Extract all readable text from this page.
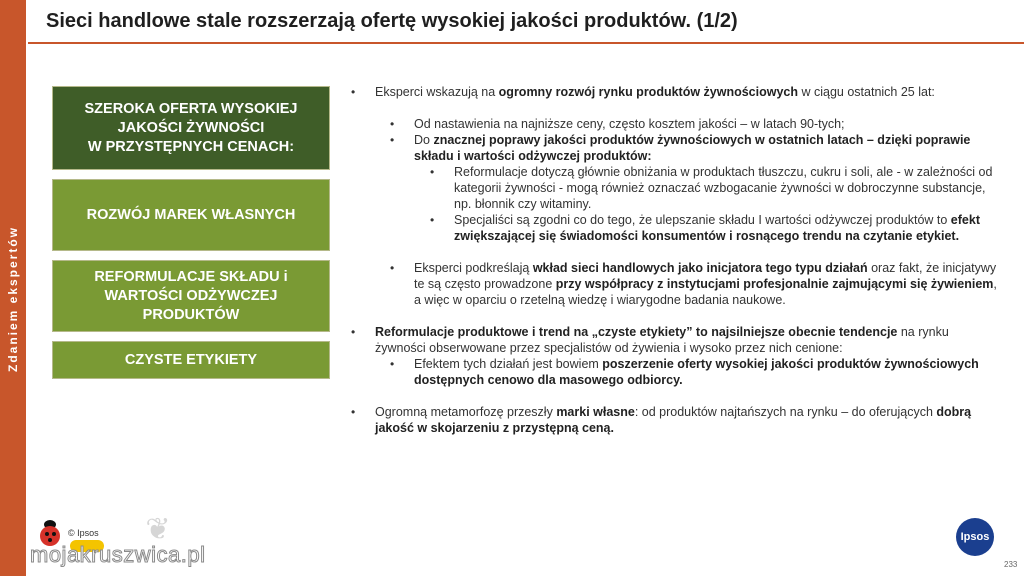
Zdaniem ekspertów
Sieci handlowe stale rozszerzają ofertę wysokiej jakości produktów. (1/2)
SZEROKA OFERTA WYSOKIEJ
JAKOŚCI ŻYWNOŚCI
W PRZYSTĘPNYCH CENACH:
ROZWÓJ MAREK WŁASNYCH
REFORMULACJE SKŁADU i
WARTOŚCI ODŻYWCZEJ
PRODUKTÓW
CZYSTE ETYKIETY
• Eksperci wskazują na ogromny rozwój rynku produktów żywnościowych w ciągu ostatnich 25 lat:
• Od nastawienia na najniższe ceny, często kosztem jakości – w latach 90-tych;
• Do znacznej poprawy jakości produktów żywnościowych w ostatnich latach – dzięki poprawie składu i wartości odżywczej produktów:
• Reformulacje dotyczą głównie obniżania w produktach tłuszczu, cukru i soli, ale - w zależności od kategorii żywności - mogą również oznaczać wzbogacanie żywności w dobroczynne substancje, np. błonnik czy witaminy.
• Specjaliści są zgodni co do tego, że ulepszanie składu I wartości odżywczej produktów to efekt zwiększającej się świadomości konsumentów i rosnącego trendu na czytanie etykiet.
• Eksperci podkreślają wkład sieci handlowych jako inicjatora tego typu działań oraz fakt, że inicjatywy te są często prowadzone przy współpracy z instytucjami profesjonalnie zajmującymi się żywieniem, a więc w oparciu o rzetelną wiedzę i wiarygodne badania naukowe.
• Reformulacje produktowe i trend na „czyste etykiety” to najsilniejsze obecnie tendencje na rynku żywności obserwowane przez specjalistów od żywienia i wysoko przez nich cenione:
• Efektem tych działań jest bowiem poszerzenie oferty wysokiej jakości produktów żywnościowych dostępnych cenowo dla masowego odbiorcy.
• Ogromną metamorfozę przeszły marki własne: od produktów najtańszych na rynku – do oferujących dobrą jakość w skojarzeniu z przystępną ceną.
© Ipsos ❦
mojakruszwica.pl
Ipsos
233
